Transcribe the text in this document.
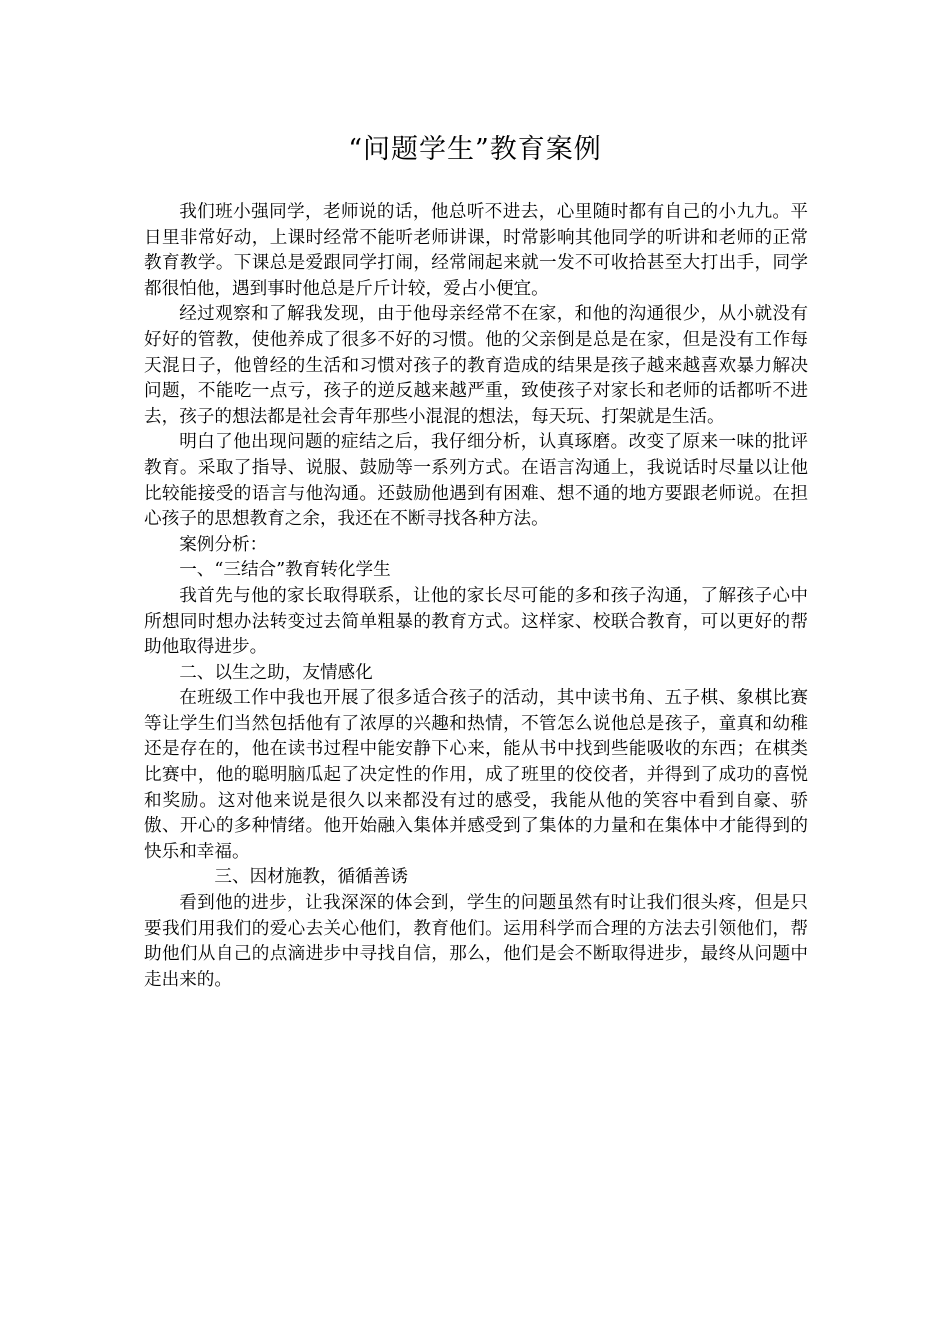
“问题学生”教育案例

我们班小强同学，老师说的话，他总听不进去，心里随时都有自己的小九九。平日里非常好动，上课时经常不能听老师讲课，时常影响其他同学的听讲和老师的正常教育教学。下课总是爱跟同学打闹，经常闹起来就一发不可收拾甚至大打出手，同学都很怕他，遇到事时他总是斤斤计较，爱占小便宜。

经过观察和了解我发现，由于他母亲经常不在家，和他的沟通很少，从小就没有好好的管教，使他养成了很多不好的习惯。他的父亲倒是总是在家，但是没有工作每天混日子，他曾经的生活和习惯对孩子的教育造成的结果是孩子越来越喜欢暴力解决问题，不能吃一点亏，孩子的逆反越来越严重，致使孩子对家长和老师的话都听不进去，孩子的想法都是社会青年那些小混混的想法，每天玩、打架就是生活。

明白了他出现问题的症结之后，我仔细分析，认真琢磨。改变了原来一味的批评教育。采取了指导、说服、鼓励等一系列方式。在语言沟通上，我说话时尽量以让他比较能接受的语言与他沟通。还鼓励他遇到有困难、想不通的地方要跟老师说。在担心孩子的思想教育之余，我还在不断寻找各种方法。

案例分析：

一、“三结合”教育转化学生

我首先与他的家长取得联系，让他的家长尽可能的多和孩子沟通，了解孩子心中所想同时想办法转变过去简单粗暴的教育方式。这样家、校联合教育，可以更好的帮助他取得进步。

二、以生之助，友情感化

在班级工作中我也开展了很多适合孩子的活动，其中读书角、五子棋、象棋比赛等让学生们当然包括他有了浓厚的兴趣和热情，不管怎么说他总是孩子，童真和幼稚还是存在的，他在读书过程中能安静下心来，能从书中找到些能吸收的东西；在棋类比赛中，他的聪明脑瓜起了决定性的作用，成了班里的佼佼者，并得到了成功的喜悦和奖励。这对他来说是很久以来都没有过的感受，我能从他的笑容中看到自豪、骄傲、开心的多种情绪。他开始融入集体并感受到了集体的力量和在集体中才能得到的快乐和幸福。

三、因材施教，循循善诱

看到他的进步，让我深深的体会到，学生的问题虽然有时让我们很头疼，但是只要我们用我们的爱心去关心他们，教育他们。运用科学而合理的方法去引领他们，帮助他们从自己的点滴进步中寻找自信，那么，他们是会不断取得进步，最终从问题中走出来的。
